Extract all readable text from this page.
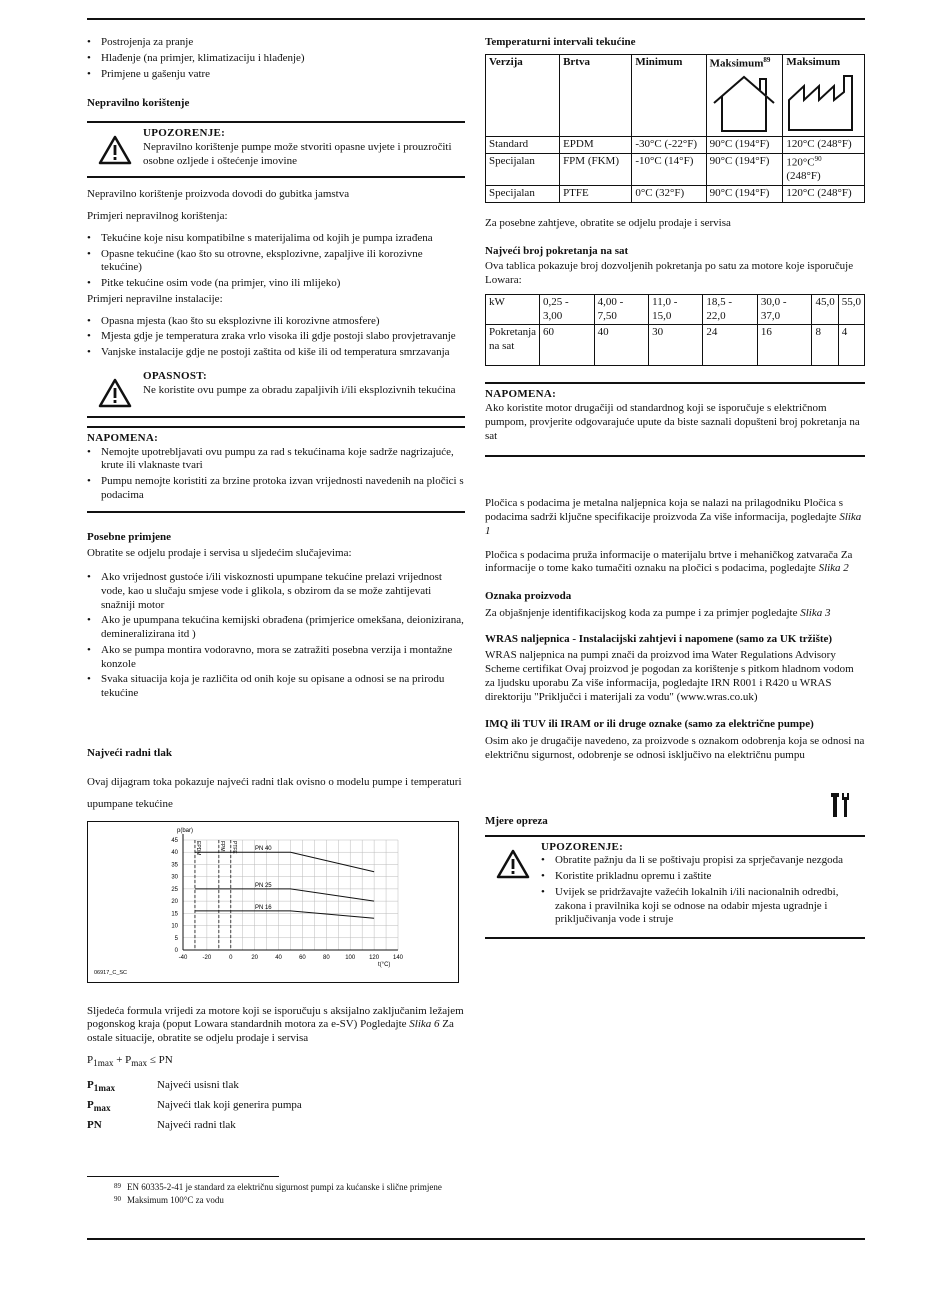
• Postrojenja za pranje
• Hlađenje (na primjer, klimatizaciju i hlađenje)
• Primjene u gašenju vatre

Nepravilno korištenje

UPOZORENJE:
Nepravilno korištenje pumpe može stvoriti opasne uvjete i prouzročiti osobne ozljede i oštećenje imovine

Nepravilno korištenje proizvoda dovodi do gubitka jamstva

Primjeri nepravilnog korištenja:

• Tekućine koje nisu kompatibilne s materijalima od kojih je pumpa izrađena
• Opasne tekućine (kao što su otrovne, eksplozivne, zapaljive ili korozivne tekućine)
• Pitke tekućine osim vode (na primjer, vino ili mlijeko)

Primjeri nepravilne instalacije:

• Opasna mjesta (kao što su eksplozivne ili korozivne atmosfere)
• Mjesta gdje je temperatura zraka vrlo visoka ili gdje postoji slabo provjetravanje
• Vanjske instalacije gdje ne postoji zaštita od kiše ili od temperatura smrzavanja
OPASNOST:
Ne koristite ovu pumpe za obradu zapaljivih i/ili eksplozivnih tekućina
NAPOMENA:
• Nemojte upotrebljavati ovu pumpu za rad s tekućinama koje sadrže nagrizajuće, krute ili vlaknaste tvari
• Pumpu nemojte koristiti za brzine protoka izvan vrijednosti navedenih na pločici s podacima

Posebne primjene

Obratite se odjelu prodaje i servisa u sljedećim slučajevima:

• Ako vrijednost gustoće i/ili viskoznosti upumpane tekućine prelazi vrijednost vode, kao u slučaju smjese vode i glikola, s obzirom da se može zahtijevati snažniji motor
• Ako je upumpana tekućina kemijski obrađena (primjerice omekšana, deionizirana, demineralizirana itd )
• Ako se pumpa montira vodoravno, mora se zatražiti posebna verzija i montažne konzole
• Svaka situacija koja je različita od onih koje su opisane a odnosi se na prirodu tekućine

Najveći radni tlak

Ovaj dijagram toka pokazuje najveći radni tlak ovisno o modelu pumpe i temperaturi upumpane tekućine

-40	-20	0	20	40	60	80	100 120 140
0
5
10
15
20
25
30
35
40
45
p(bar)
t(°C)
06917_C_SC
EPDM	FPM PTFE	PN 40
PN 25
PN 16

Sljedeća formula vrijedi za motore koji se isporučuju s aksijalno zaključanim ležajem pogonskog kraja (poput Lowara standardnih motora za e-SV) Pogledajte Slika 6 Za ostale situacije, obratite se odjelu prodaje i servisa

$P_{1max} + P_{max}$ ≤ PN

$P_{1max}$	Najveći usisni tlak
$P_{max}$	Najveći tlak koji generira pumpa
PN	Najveći radni tlak

Temperaturni intervali tekućine

Verzija	Brtva	Minimum	Maksimum$^{89}$	Maksimum

Standard	EPDM	-30°C (-22°F)	90°C (194°F)	120°C (248°F)
Specijalan	FPM (FKM)	-10°C (14°F)	90°C (194°F)	$120^\circ C^{90}$
(248°F)
Specijalan	PTFE	0°C (32°F)	90°C (194°F)	120°C (248°F)

Za posebne zahtjeve, obratite se odjelu prodaje i servisa

Najveći broj pokretanja na sat

Ova tablica pokazuje broj dozvoljenih pokretanja po satu za motore koje isporučuje Lowara:

kW	0,25 - 3,00	4,00 - 7,50	11,0 - 15,0	18,5 - 22,0	30,0 - 37,0	45,0	55,0
Pokretanja na sat	60	40	30	24	16	8	4
NAPOMENA:
Ako koristite motor drugačiji od standardnog koji se isporučuje s električnom pumpom, provjerite odgovarajuće upute da biste saznali dopušteni broj pokretanja na sat

Pločica s podacima je metalna naljepnica koja se nalazi na prilagodniku Pločica s podacima sadrži ključne specifikacije proizvoda Za više informacija, pogledajte Slika 1

Pločica s podacima pruža informacije o materijalu brtve i mehaničkog zatvarača Za informacije o tome kako tumačiti oznaku na pločici s podacima, pogledajte Slika 2

Oznaka proizvoda

Za objašnjenje identifikacijskog koda za pumpe i za primjer pogledajte Slika 3

WRAS naljepnica - Instalacijski zahtjevi i napomene (samo za UK tržište)

WRAS naljepnica na pumpi znači da proizvod ima Water Regulations Advisory Scheme certifikat Ovaj proizvod je pogodan za korištenje s pitkom hladnom vodom za ljudsku uporabu Za više informacija, pogledajte IRN R001 i R420 u WRAS direktoriju "Priključci i materijali za vodu" (www.wras.co.uk)

IMQ ili TUV ili IRAM or ili druge oznake (samo za električne pumpe)

Osim ako je drugačije navedeno, za proizvode s oznakom odobrenja koja se odnosi na električnu sigurnost, odobrenje se odnosi isključivo na električnu pumpu

Mjere opreza

UPOZORENJE:
• Obratite pažnju da li se poštivaju propisi za sprječavanje nezgoda
• Koristite prikladnu opremu i zaštite
• Uvijek se pridržavajte važećih lokalnih i/ili nacionalnih odredbi, zakona i pravilnika koji se odnose na odabir mjesta ugradnje i priključivanja vode i struje
89 EN 60335-2-41 je standard za električnu sigurnost pumpi za kućanske i slične primjene
90 Maksimum 100°C za vodu
